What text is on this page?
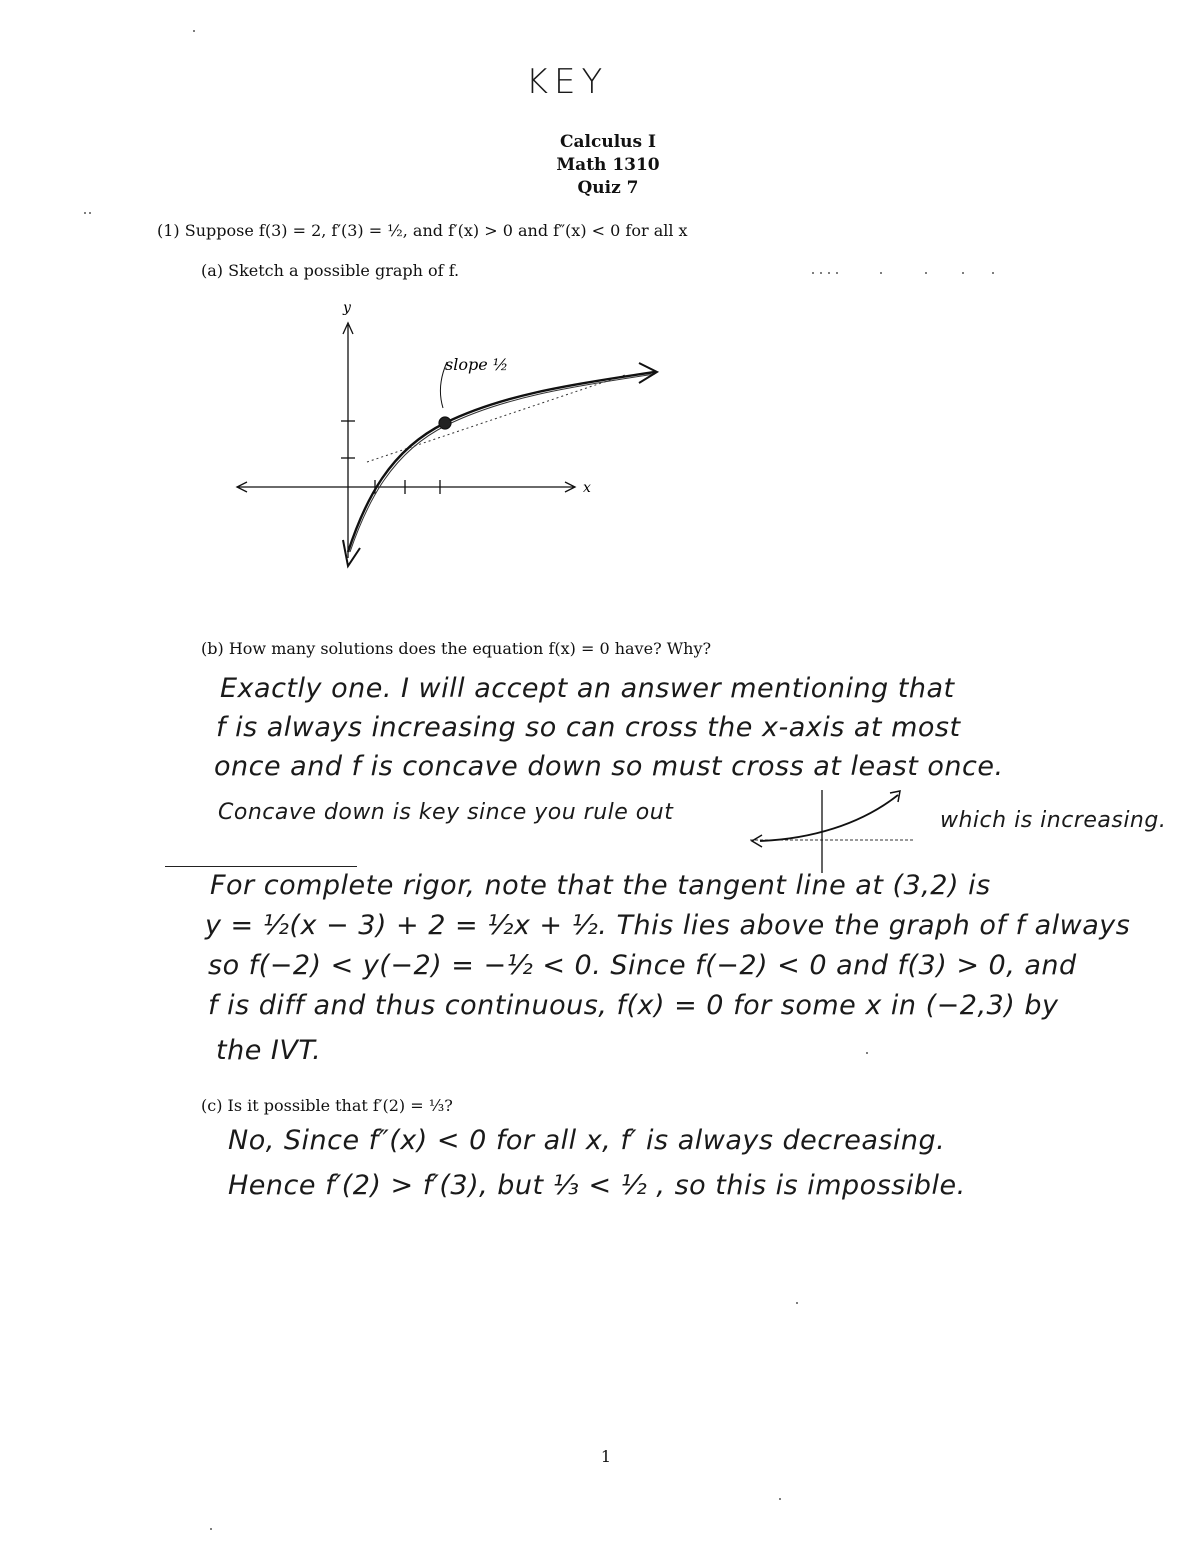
KEY
Calculus I
Math 1310
Quiz 7
(1) Suppose f(3) = 2, f′(3) = ½, and f′(x) > 0 and f″(x) < 0 for all x
(a) Sketch a possible graph of f.
y
x
slope ½
(b) How many solutions does the equation f(x) = 0 have? Why?
Exactly one. I will accept an answer mentioning that
f is always increasing so can cross the x-axis at most
once and f is concave down so must cross at least once.
Concave down is key since you rule out	which is increasing.
For complete rigor, note that the tangent line at (3,2) is
y = ½(x − 3) + 2 = ½x + ½. This lies above the graph of f always
so f(−2) < y(−2) = −½ < 0. Since f(−2) < 0 and f(3) > 0, and
f is diff and thus continuous, f(x) = 0 for some x in (−2,3) by
the IVT.
(c) Is it possible that f′(2) = ⅓?
No, Since f″(x) < 0 for all x, f′ is always decreasing.
Hence f′(2) > f′(3), but ⅓ < ½ , so this is impossible.
1
